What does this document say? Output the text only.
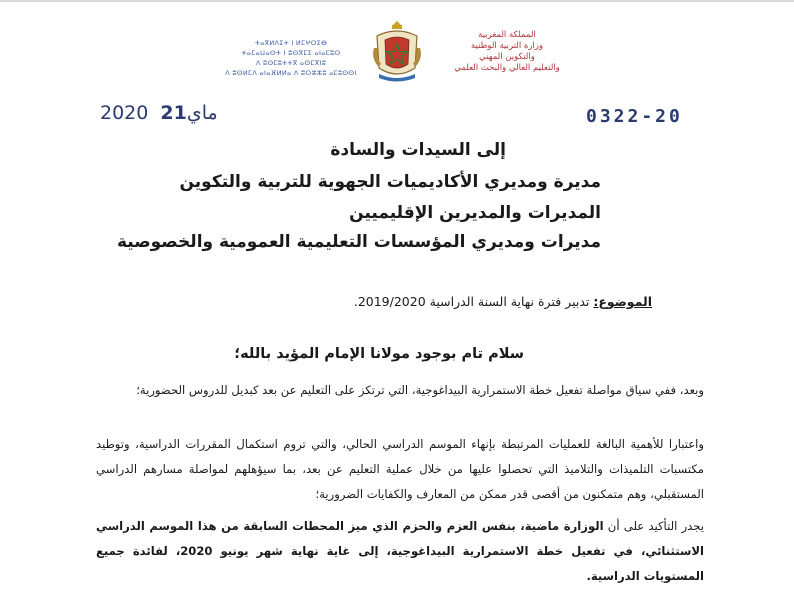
ⵜⴰⴳⵍⴷⵉⵜ ⵏ ⵍⵎⵖⵔⵉⴱ
ⵜⴰⵎⴰⵡⴰⵙⵜ ⵏ ⵓⵙⴳⵎⵉ ⴰⵏⴰⵎⵓⵔ
ⴷ ⵓⵙⵎⵓⵜⵜⴳ ⴰⵙⵎⴳⵏⵓ
ⴷ ⵓⵙⵍⵎⴷ ⴰⵏⴰⴼⵍⵍⴰ ⴷ ⵓⵔⵣⵣⵓ ⴰⵎⵓⵙⵙⵏ
المملكة المغربية
وزارة التربية الوطنية
والتكوين المهني
والتعليم العالي والبحث العلمي
2020 ماي21	0322-20
إلى السيدات والسادة
مديرة ومديري الأكاديميات الجهوية للتربية والتكوين
المديرات والمديرين الإقليميين
مديرات ومديري المؤسسات التعليمية العمومية والخصوصية
الموضوع: تدبير فترة نهاية السنة الدراسية 2019/2020.
سلام تام بوجود مولانا الإمام المؤيد بالله؛

وبعد، ففي سياق مواصلة تفعيل خطة الاستمرارية البيداغوجية، التي ترتكز على التعليم عن بعد كبديل للدروس الحضورية؛

واعتبارا للأهمية البالغة للعمليات المرتبطة بإنهاء الموسم الدراسي الحالي، والتي تروم استكمال المقررات الدراسية، وتوطيد مكتسبات التلميذات والتلاميذ التي تحصلوا عليها من خلال عملية التعليم عن بعد، بما سيؤهلهم لمواصلة مسارهم الدراسي المستقبلي، وهم متمكنون من أقصى قدر ممكن من المعارف والكفايات الضرورية؛

يجدر التأكيد على أن الوزارة ماضية، بنفس العزم والحزم الذي ميز المحطات السابقة من هذا الموسم الدراسي الاستثنائي، في تفعيل خطة الاستمرارية البيداغوجية، إلى غاية نهاية شهر يونيو 2020، لفائدة جميع المستويات الدراسية.
